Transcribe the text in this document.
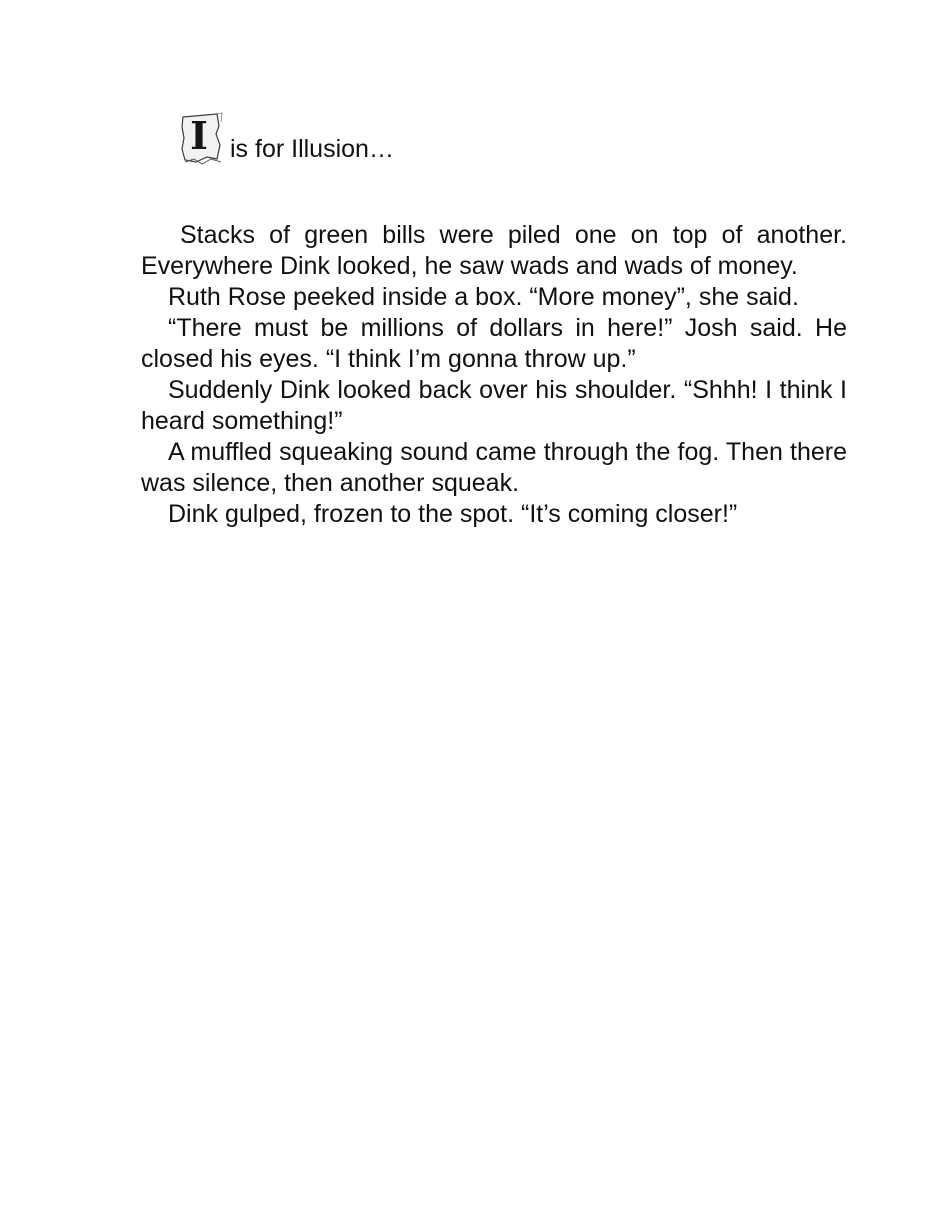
I is for Illusion…

Stacks of green bills were piled one on top of another. Everywhere Dink looked, he saw wads and wads of money.

Ruth Rose peeked inside a box. “More money”, she said.

“There must be millions of dollars in here!” Josh said. He closed his eyes. “I think I’m gonna throw up.”

Suddenly Dink looked back over his shoulder. “Shhh! I think I heard something!”

A muffled squeaking sound came through the fog. Then there was silence, then another squeak.

Dink gulped, frozen to the spot. “It’s coming closer!”
